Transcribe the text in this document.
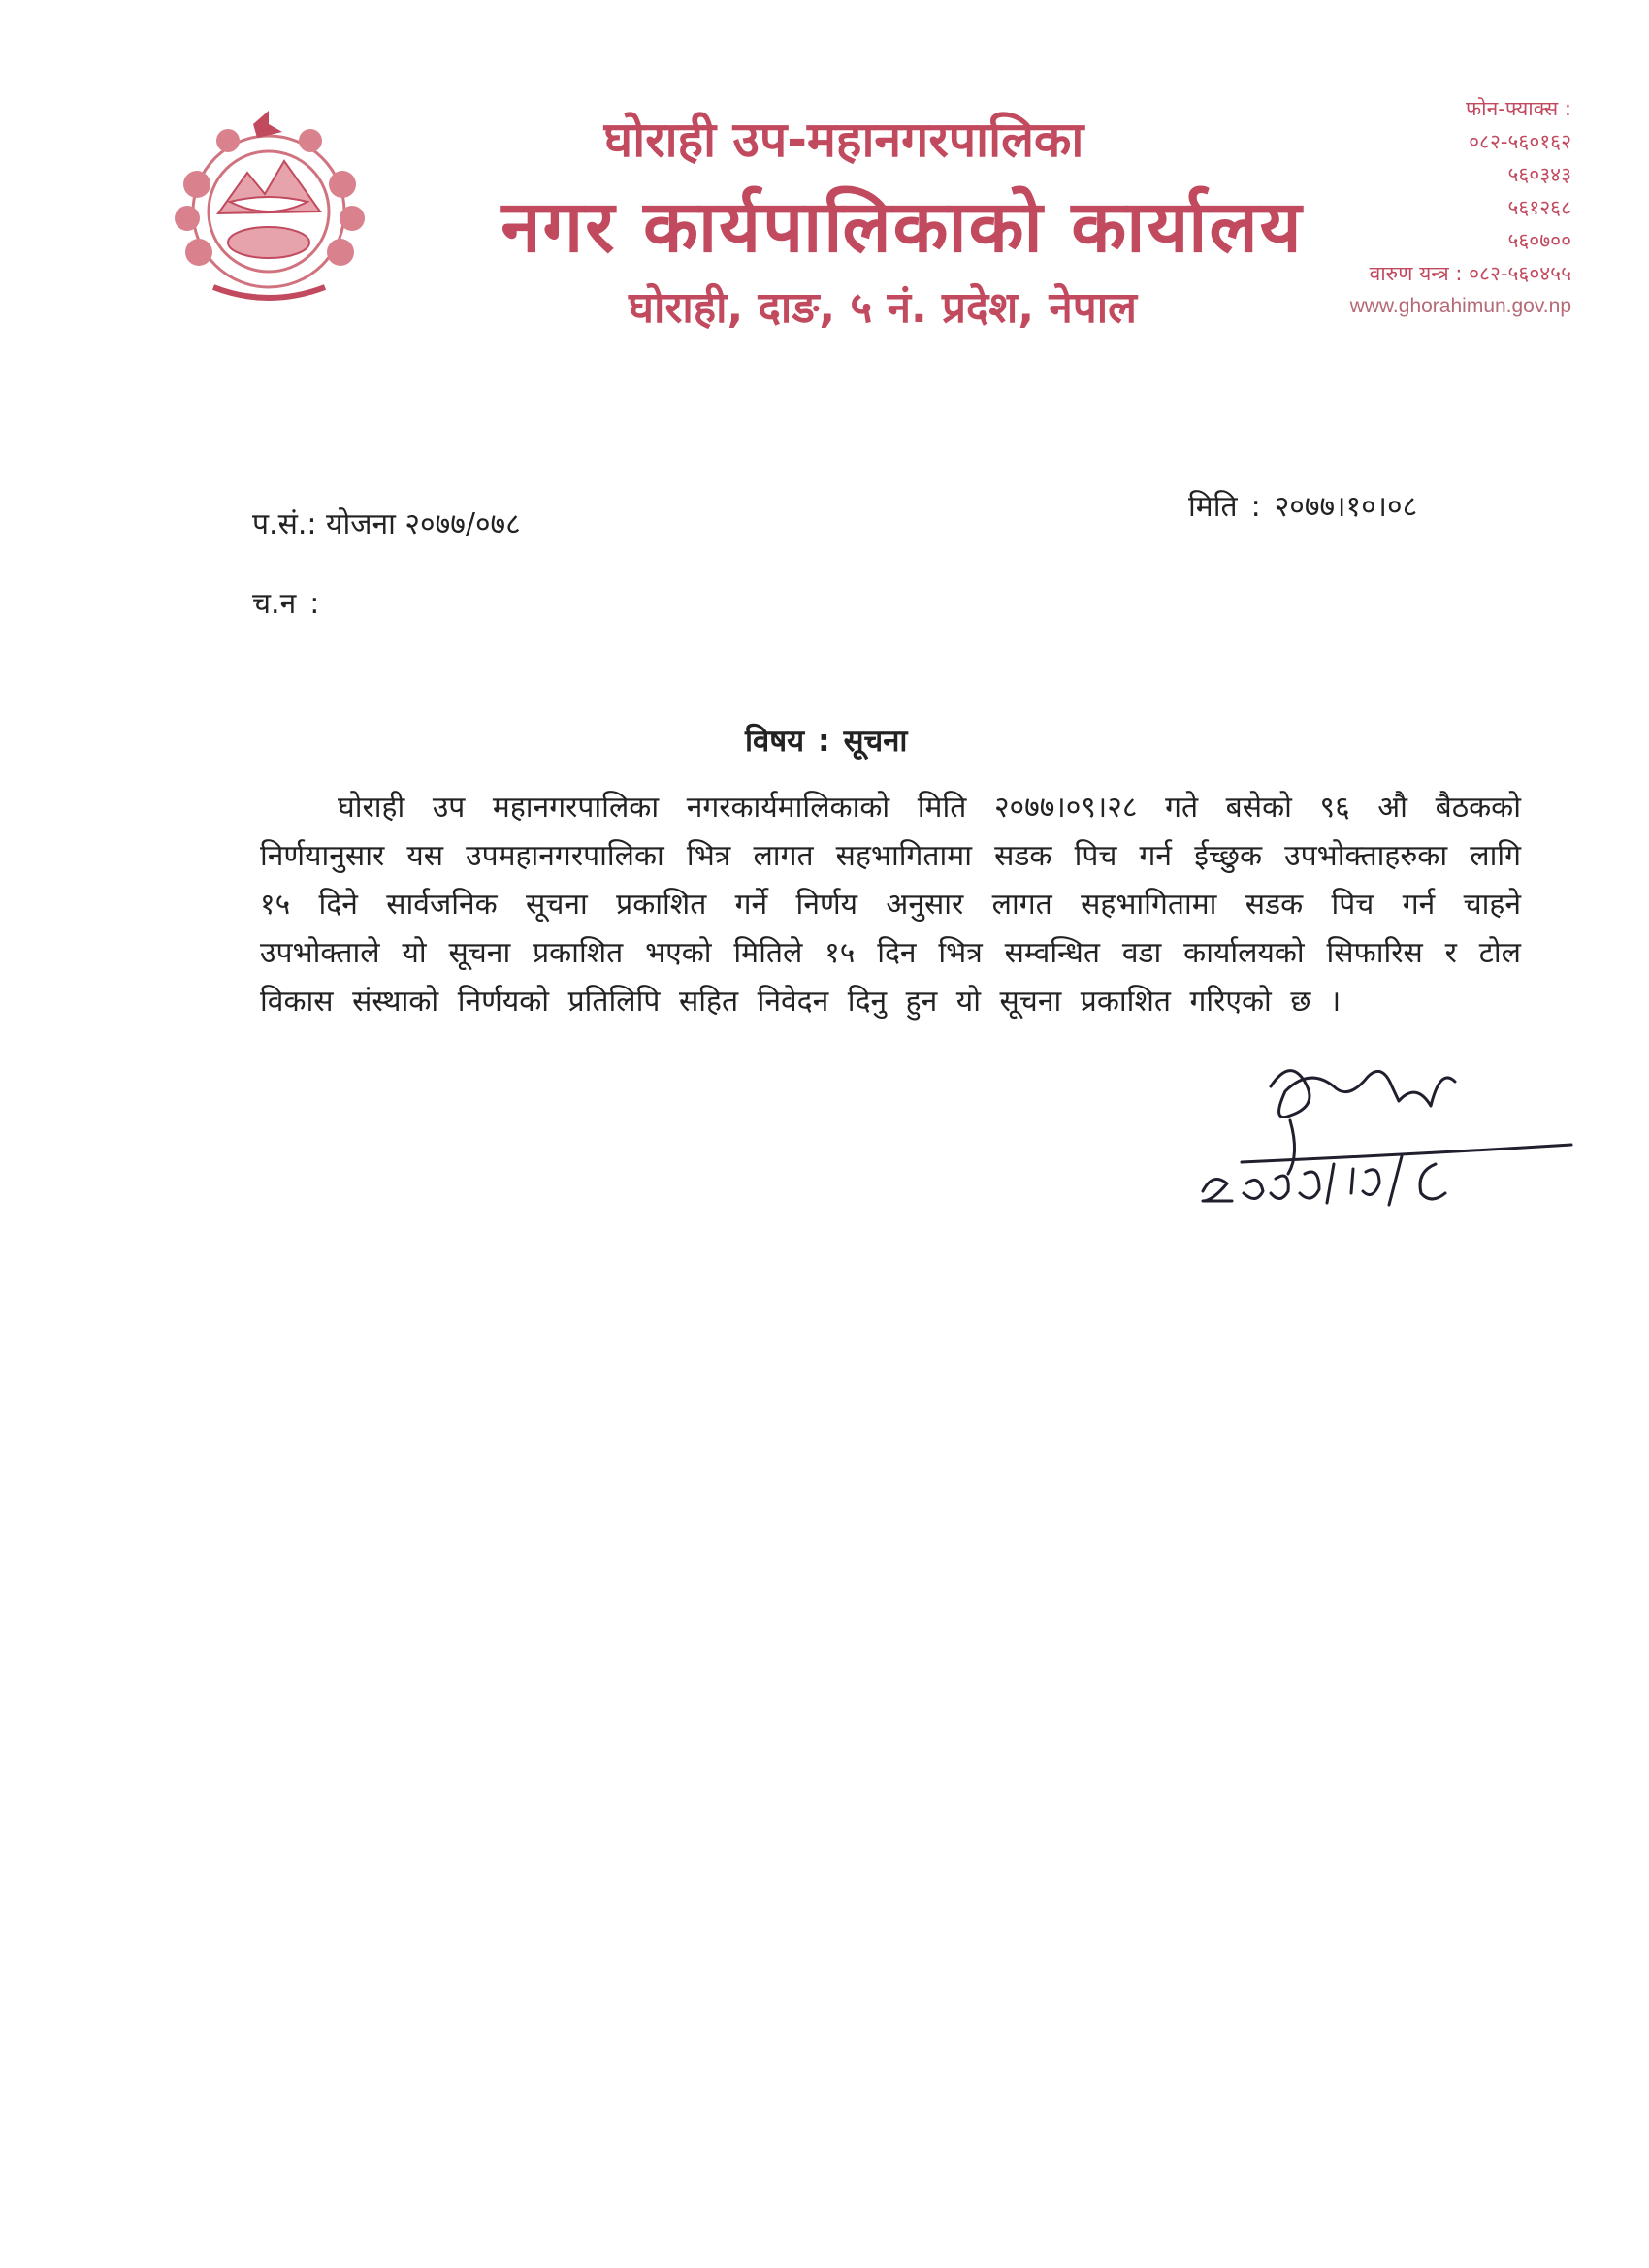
घोराही उप-महानगरपालिका
नगर कार्यपालिकाको कार्यालय
घोराही, दाङ, ५ नं. प्रदेश, नेपाल
फोन-फ्याक्स :
०८२-५६०१६२
५६०३४३
५६१२६८
५६०७००
वारुण यन्त्र : ०८२-५६०४५५
www.ghorahimun.gov.np
प.सं.: योजना २०७७/०७८
मिति : २०७७।१०।०८
च.न :
विषय : सूचना
घोराही उप महानगरपालिका नगरकार्यमालिकाको मिति २०७७।०९।२८ गते बसेको ९६ औ बैठकको निर्णयानुसार यस उपमहानगरपालिका भित्र लागत सहभागितामा सडक पिच गर्न ईच्छुक उपभोक्ताहरुका लागि १५ दिने सार्वजनिक सूचना प्रकाशित गर्ने निर्णय अनुसार लागत सहभागितामा सडक पिच गर्न चाहने उपभोक्ताले यो सूचना प्रकाशित भएको मितिले १५ दिन भित्र सम्वन्धित वडा कार्यालयको सिफारिस र टोल विकास संस्थाको निर्णयको प्रतिलिपि सहित निवेदन दिनु हुन यो सूचना प्रकाशित गरिएको छ ।
